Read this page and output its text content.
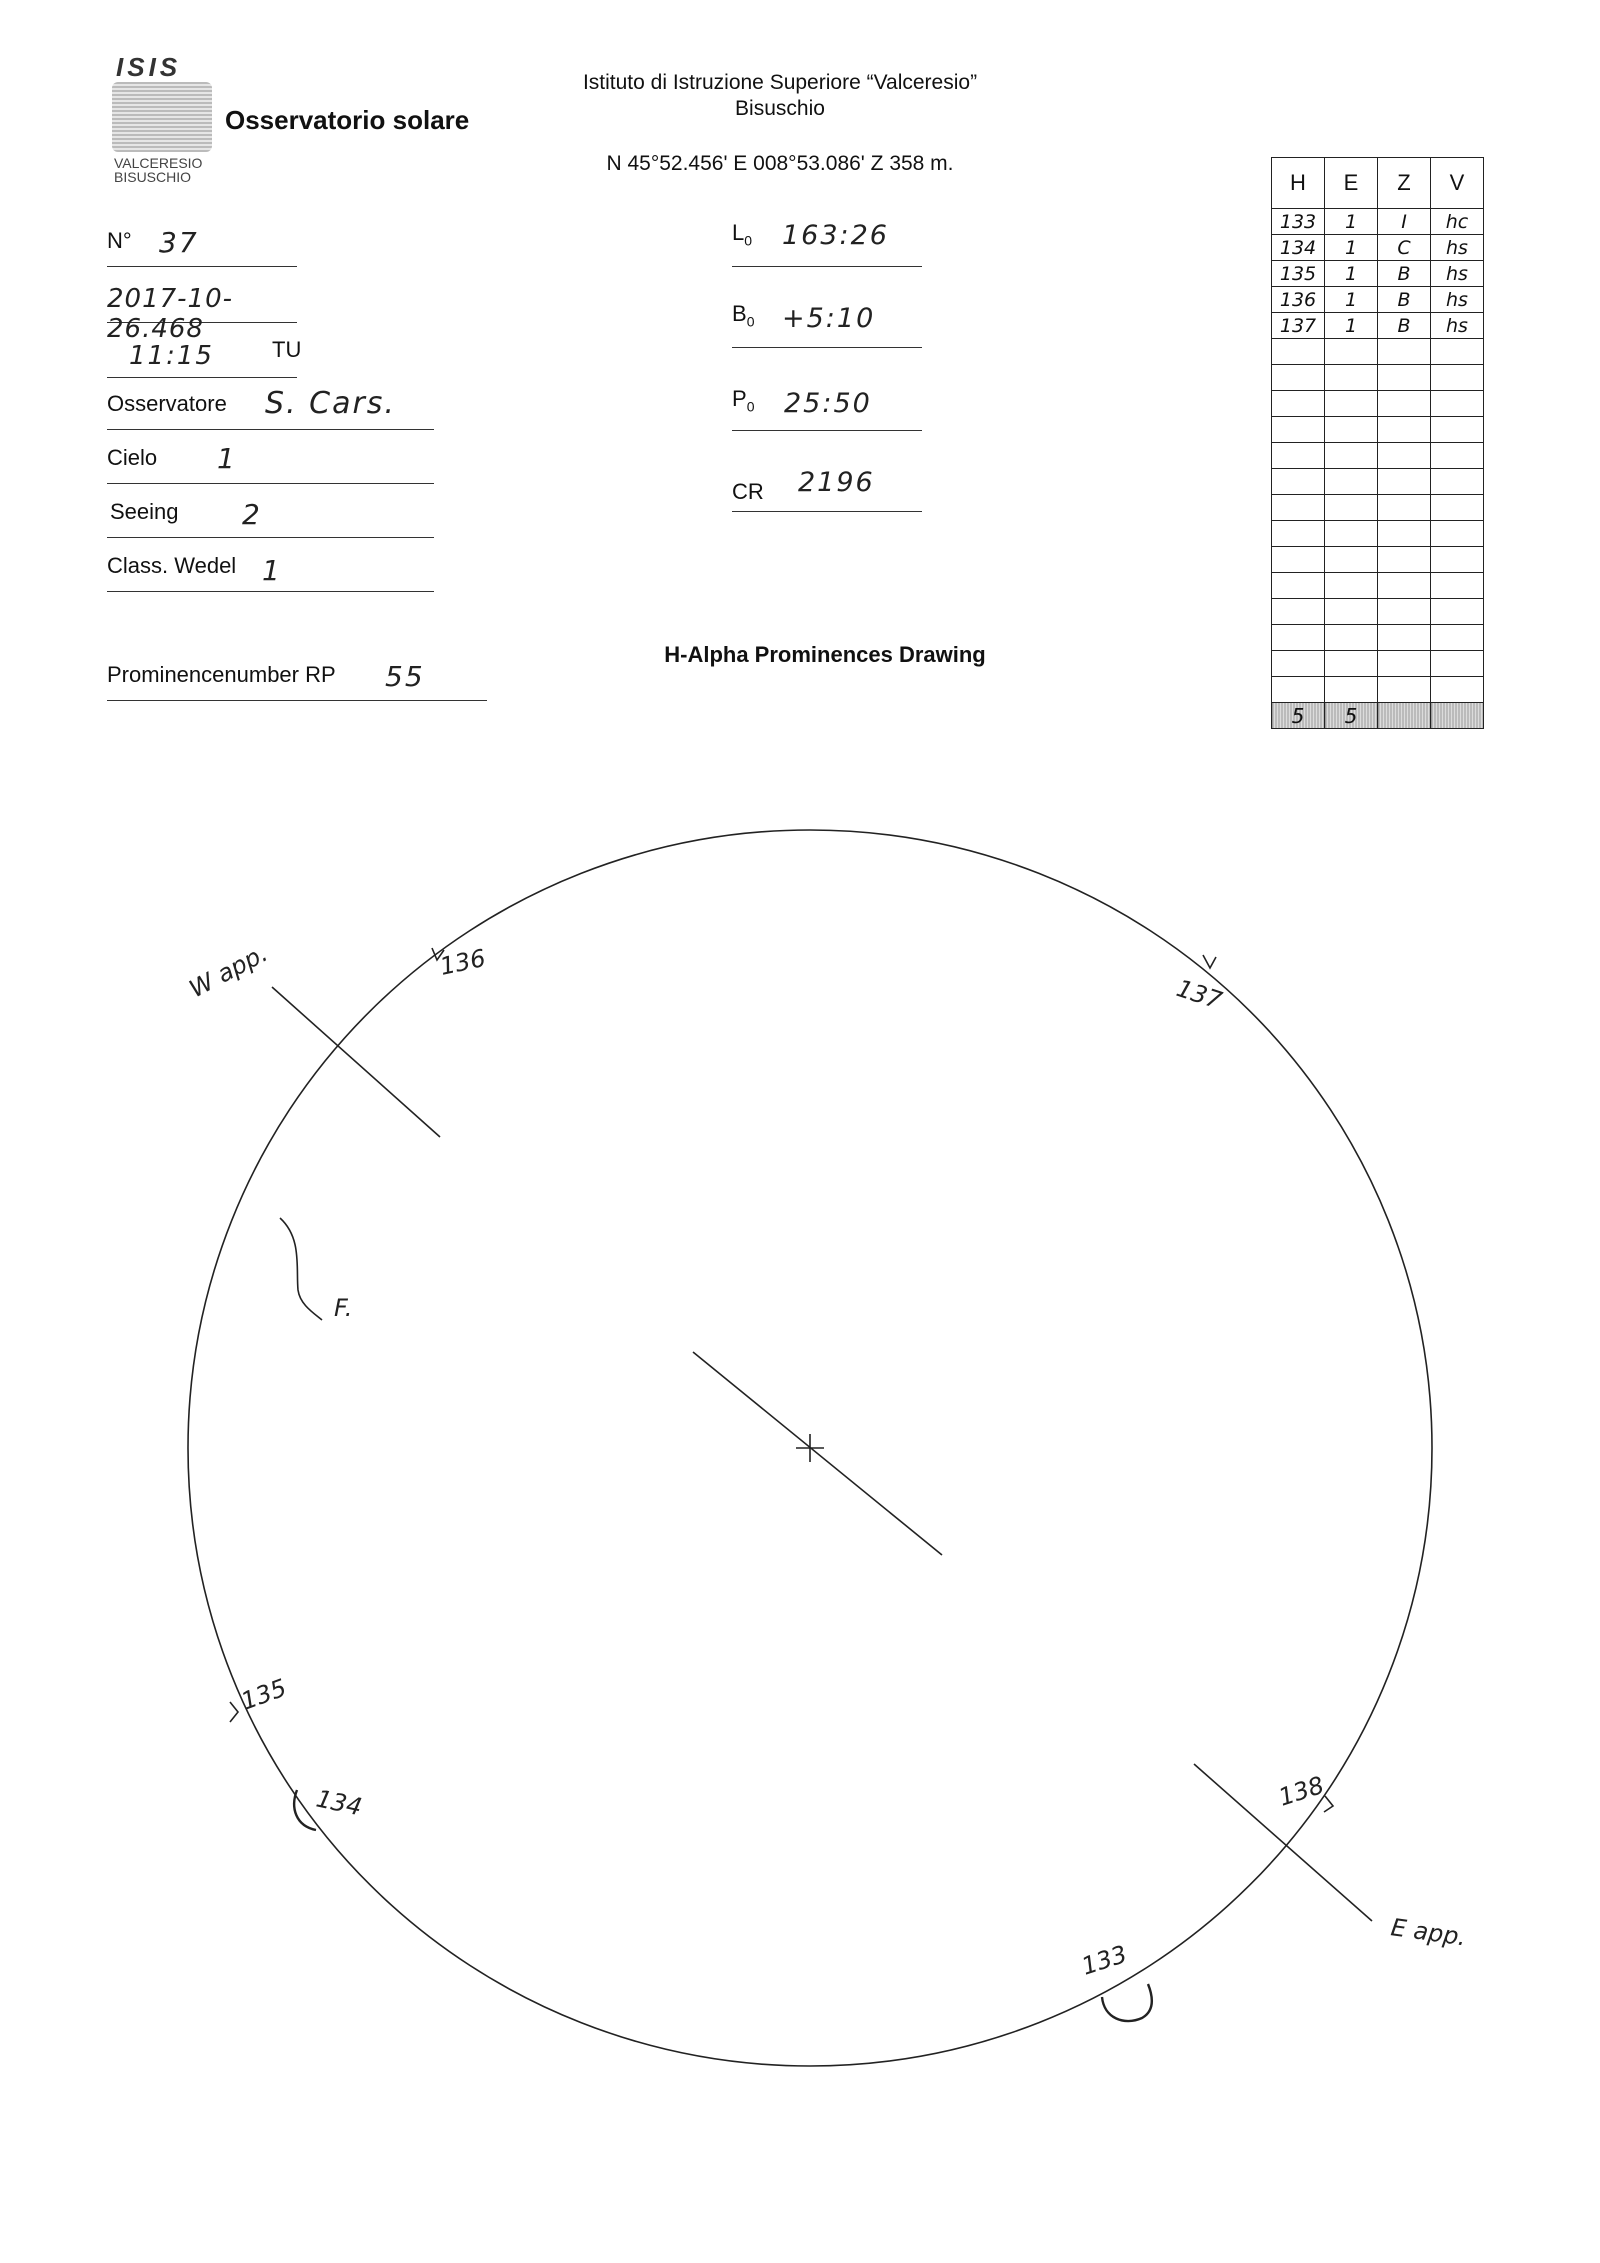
ISIS
VALCERESIO
BISUSCHIO
Osservatorio solare
Istituto di Istruzione Superiore “Valceresio”
Bisuschio
N 45°52.456' E 008°53.086' Z 358 m.
N° 37
2017-10-26.468
11:15	TU
Osservatore S. Cars.
Cielo 1
Seeing 2
Class. Wedel 1
Prominencenumber RP 55
$L_0$ 163:26
$B_0$ +5:10
$P_0$ 25:50
CR 2196
H-Alpha Prominences Drawing
H	E	Z	V
133	1	I	hc
134	1	C	hs
135	1	B	hs
136	1	B	hs
137	1	B	hs

5	5		
136
137
135
134	138
133
W app.
E app.
F.
